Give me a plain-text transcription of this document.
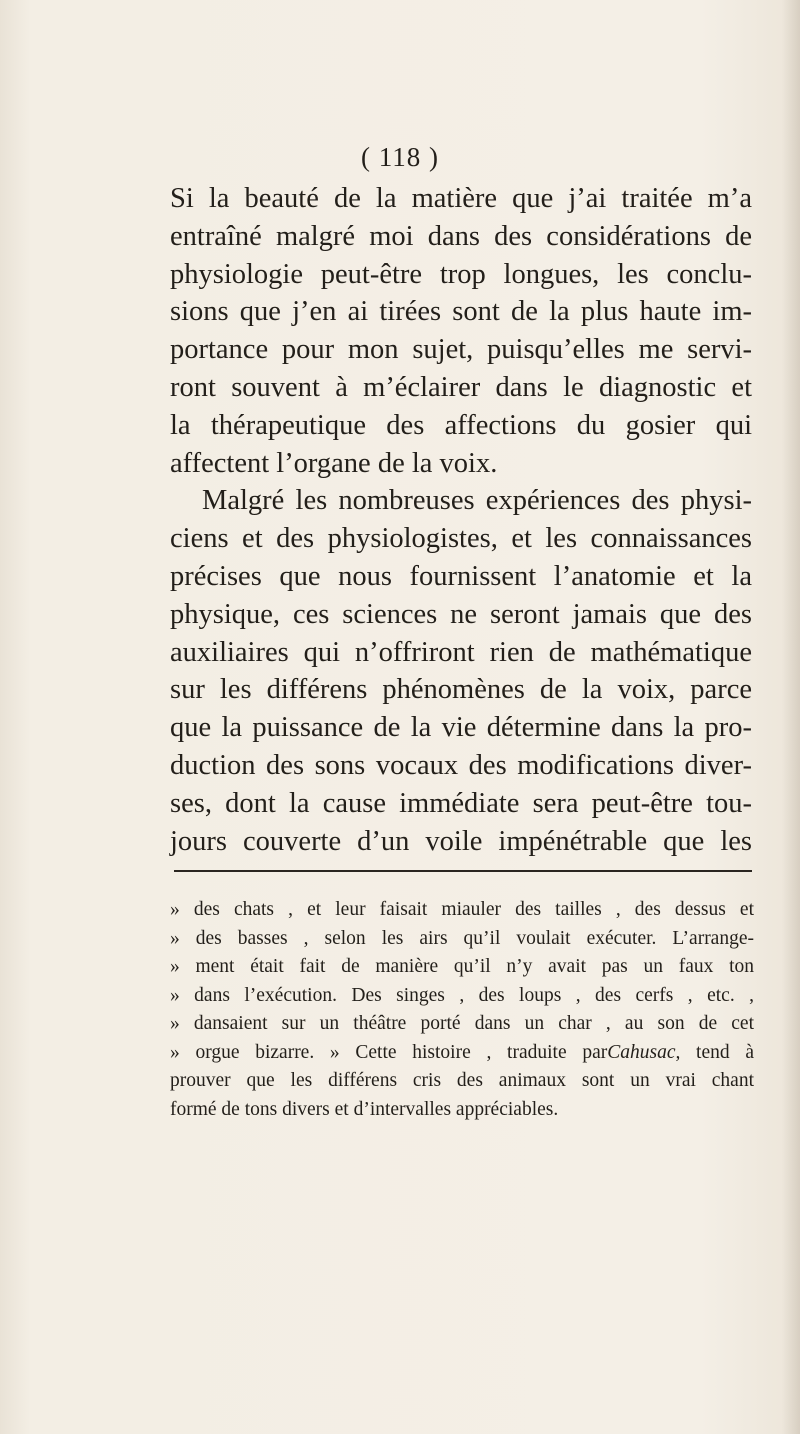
( 118 )
Si la beauté de la matière que j’ai traitée m’a
entraîné malgré moi dans des considérations de
physiologie peut-être trop longues, les conclu-
sions que j’en ai tirées sont de la plus haute im-
portance pour mon sujet, puisqu’elles me servi-
ront souvent à m’éclairer dans le diagnostic et
la thérapeutique des affections du gosier qui
affectent l’organe de la voix.
Malgré les nombreuses expériences des physi-
ciens et des physiologistes, et les connaissances
précises que nous fournissent l’anatomie et la
physique, ces sciences ne seront jamais que des
auxiliaires qui n’offriront rien de mathématique
sur les différens phénomènes de la voix, parce
que la puissance de la vie détermine dans la pro-
duction des sons vocaux des modifications diver-
ses, dont la cause immédiate sera peut-être tou-
jours couverte d’un voile impénétrable que les
» des chats , et leur faisait miauler des tailles , des dessus et
» des basses , selon les airs qu’il voulait exécuter. L’arrange-
» ment était fait de manière qu’il n’y avait pas un faux ton
» dans l’exécution. Des singes , des loups , des cerfs , etc. ,
» dansaient sur un théâtre porté dans un char , au son de cet
» orgue bizarre. » Cette histoire , traduite parCahusac, tend à
prouver que les différens cris des animaux sont un vrai chant
formé de tons divers et d’intervalles appréciables.
